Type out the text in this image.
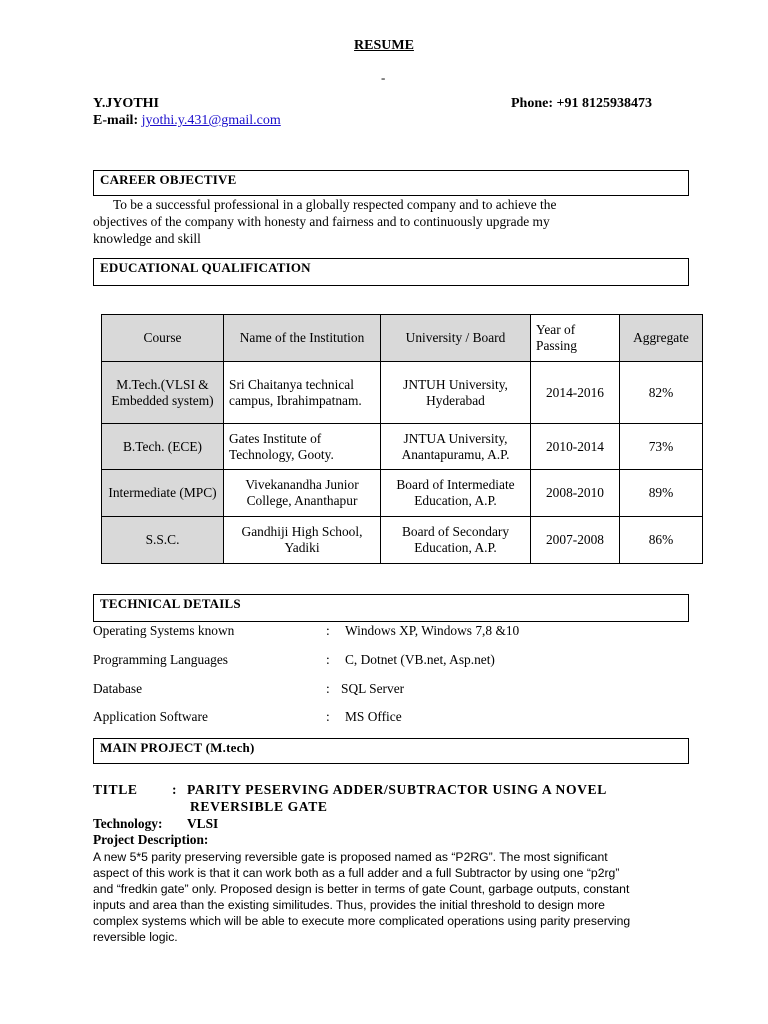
RESUME
-
Y.JYOTHI	Phone: +91 8125938473
E-mail: jyothi.y.431@gmail.com
CAREER OBJECTIVE
To be a successful professional in a globally respected company and to achieve the
objectives of the company with honesty and fairness and to continuously upgrade my
knowledge and skill
EDUCATIONAL QUALIFICATION
Course	Name of the Institution	University / Board	Year of Passing	Aggregate
M.Tech.(VLSI & Embedded system)	Sri Chaitanya technical campus, Ibrahimpatnam.	JNTUH University, Hyderabad	2014-2016	82%
B.Tech. (ECE)	Gates Institute of Technology, Gooty.	JNTUA University, Anantapuramu, A.P.	2010-2014	73%
Intermediate (MPC)	Vivekanandha Junior College, Ananthapur	Board of Intermediate Education, A.P.	2008-2010	89%
S.S.C.	Gandhiji High School, Yadiki	Board of Secondary Education, A.P.	2007-2008	86%
TECHNICAL DETAILS
Operating Systems known	: Windows XP, Windows 7,8 &10
Programming Languages	: C, Dotnet (VB.net, Asp.net)
Database	: SQL Server
Application Software	: MS Office
MAIN PROJECT (M.tech)
TITLE	: PARITY PESERVING ADDER/SUBTRACTOR USING A NOVEL
REVERSIBLE GATE
Technology: VLSI
Project Description:
A new 5*5 parity preserving reversible gate is proposed named as “P2RG”. The most significant
aspect of this work is that it can work both as a full adder and a full Subtractor by using one “p2rg”
and “fredkin gate” only. Proposed design is better in terms of gate Count, garbage outputs, constant
inputs and area than the existing similitudes. Thus, provides the initial threshold to design more
complex systems which will be able to execute more complicated operations using parity preserving
reversible logic.
